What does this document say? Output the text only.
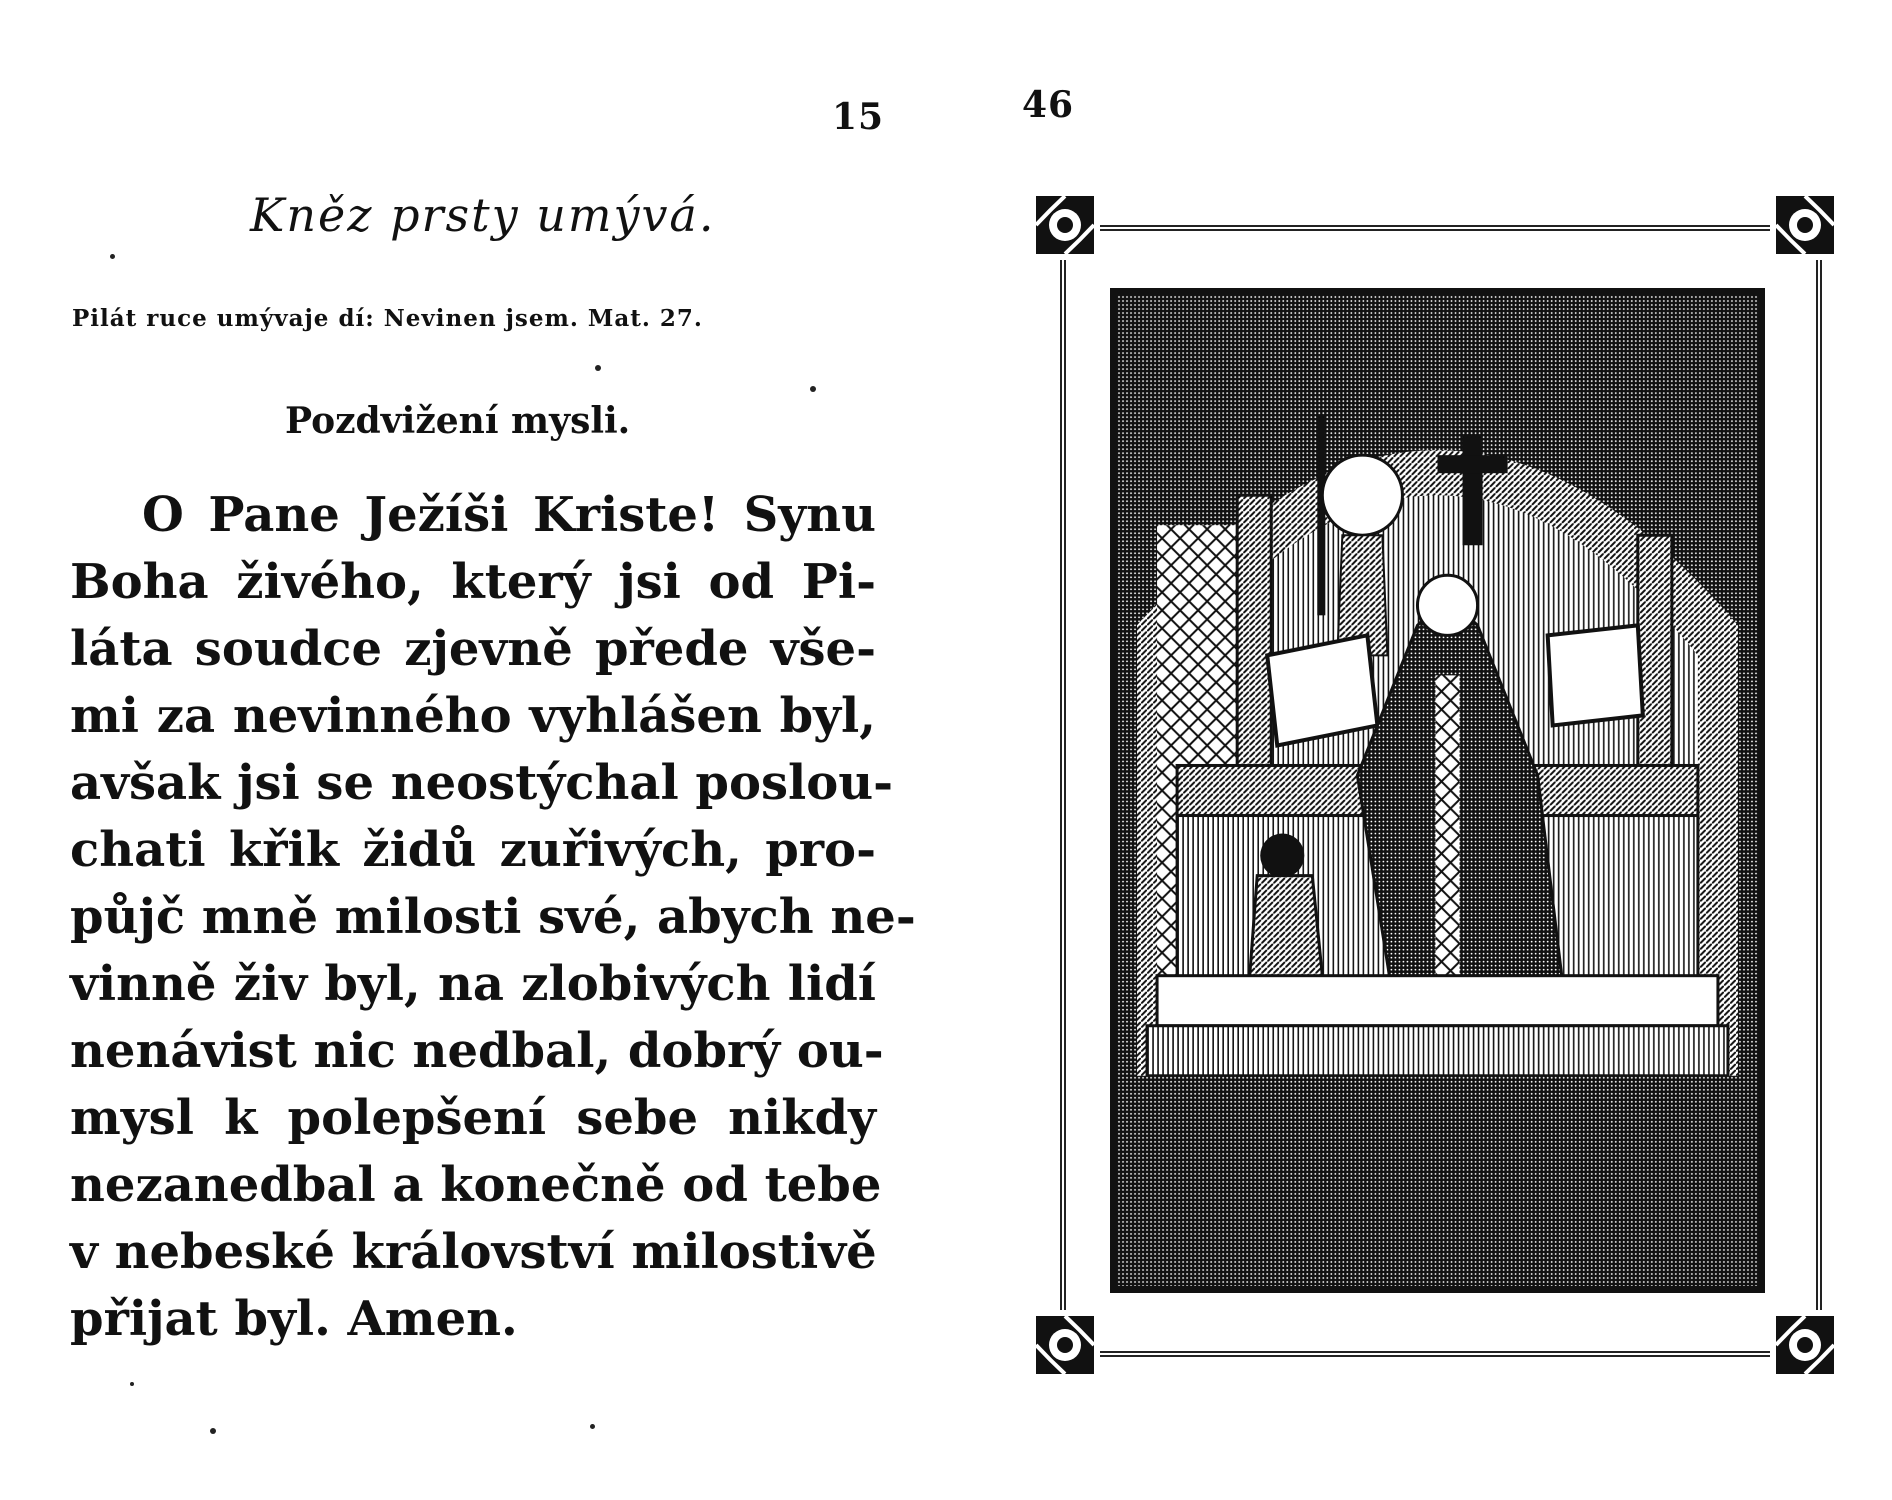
15	46
Kněz prsty umývá.
Pilát ruce umývaje dí: Nevinen jsem. Mat. 27.
Pozdvižení mysli.
O Pane Ježíši Kriste! Synu
Boha živého, který jsi od Pi-
láta soudce zjevně přede vše-
mi za nevinného vyhlášen byl,
avšak jsi se neostýchal poslou-
chati křik židů zuřivých, pro-
půjč mně milosti své, abych ne-
vinně živ byl, na zlobivých lidí
nenávist nic nedbal, dobrý ou-
mysl k polepšení sebe nikdy
nezanedbal a konečně od tebe
v nebeské království milostivě
přijat byl. Amen.
